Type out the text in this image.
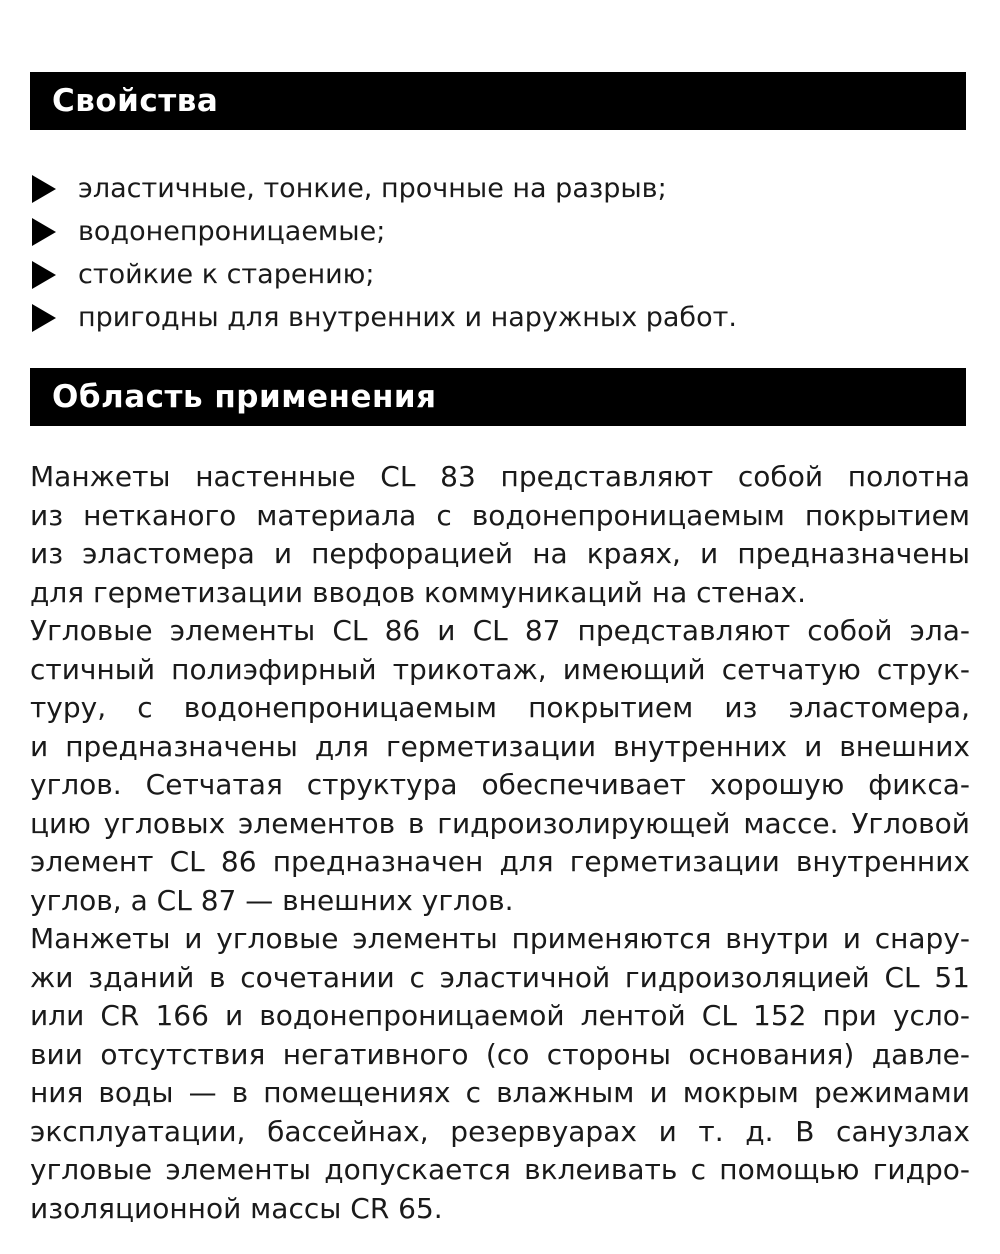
Свойства
эластичные, тонкие, прочные на разрыв;
водонепроницаемые;
стойкие к старению;
пригодны для внутренних и наружных работ.
Область применения
Манжеты настенные CL 83 представляют собой полотна
из нетканого материала с водонепроницаемым покрытием
из эластомера и перфорацией на краях, и предназначены
для герметизации вводов коммуникаций на стенах.
Угловые элементы CL 86 и CL 87 представляют собой эла-
стичный полиэфирный трикотаж, имеющий сетчатую струк-
туру, с водонепроницаемым покрытием из эластомера,
и предназначены для герметизации внутренних и внешних
углов. Сетчатая структура обеспечивает хорошую фикса-
цию угловых элементов в гидроизолирующей массе. Угловой
элемент CL 86 предназначен для герметизации внутренних
углов, а CL 87 — внешних углов.
Манжеты и угловые элементы применяются внутри и снару-
жи зданий в сочетании с эластичной гидроизоляцией CL 51
или CR 166 и водонепроницаемой лентой CL 152 при усло-
вии отсутствия негативного (со стороны основания) давле-
ния воды — в помещениях с влажным и мокрым режимами
эксплуатации, бассейнах, резервуарах и т. д. В санузлах
угловые элементы допускается вклеивать с помощью гидро-
изоляционной массы CR 65.
